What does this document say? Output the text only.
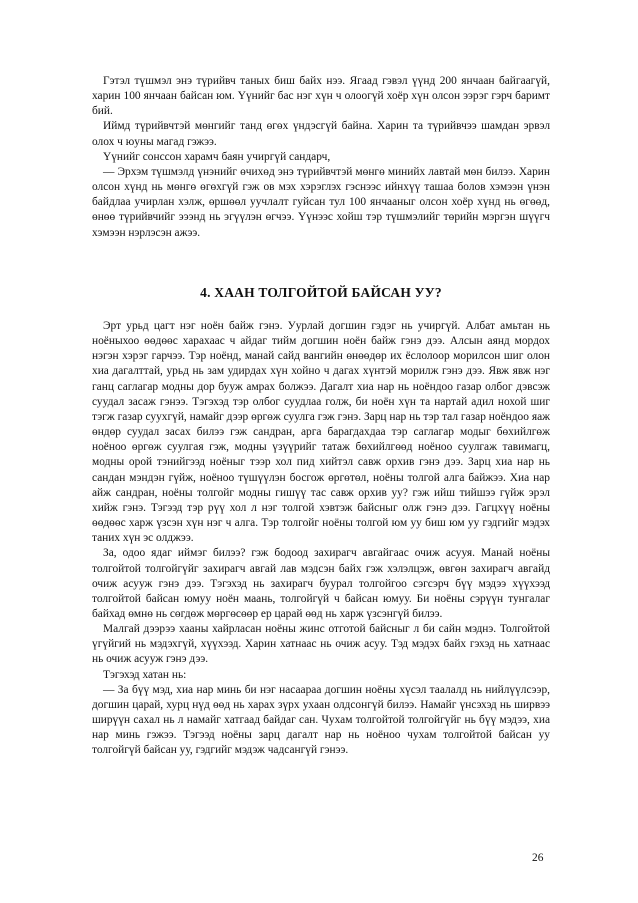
Гэтэл түшмэл энэ түрийвч таных биш байх нээ. Ягаад гэвэл үүнд 200 янчаан байгаагүй, харин 100 янчаан байсан юм. Үүнийг бас нэг хүн ч олоогүй хоёр хүн олсон ээрэг гэрч баримт бий.

Иймд түрийвчтэй мөнгийг танд өгөх үндэсгүй байна. Харин та түрийвчээ шамдан эрвэл олох ч юуны магад гэжээ.

Үүнийг сонссон харамч баян учиргүй сандарч,

— Эрхэм түшмэлд үнэнийг өчихөд энэ түрийвчтэй мөнгө минийх лавтай мөн билээ. Харин олсон хүнд нь мөнгө өгөхгүй гэж ов мэх хэрэглэх гэснээс ийнхүү ташаа болов хэмээн үнэн байдлаа учирлан хэлж, өршөөл уучлалт гуйсан тул 100 янчааныг олсон хоёр хүнд нь өгөөд, өнөө түрийвчийг эээнд нь эгүүлэн өгчээ. Үүнээс хойш тэр түшмэлийг төрийн мэргэн шүүгч хэмээн нэрлэсэн ажээ.

4. ХААН ТОЛГОЙТОЙ БАЙСАН УУ?

Эрт урьд цагт нэг ноён байж гэнэ. Уурлай догшин гэдэг нь учиргүй. Албат амьтан нь ноёныхоо өөдөөс харахаас ч айдаг тийм догшин ноён байж гэнэ дээ. Алсын аянд мордох нэгэн хэрэг гарчээ. Тэр ноёнд, манай сайд вангийн өнөөдөр их ёслолоор морилсон шиг олон хиа дагалттай, урьд нь зам удирдах хүн хойно ч дагах хүнтэй морилж гэнэ дээ. Явж явж нэг ганц саглагар модны дор бууж амрах болжээ. Дагалт хиа нар нь ноёндоо газар олбог дэвсэж суудал засаж гэнээ. Тэгэхэд тэр олбог суудлаа голж, би ноён хүн та нартай адил нохой шиг тэгж газар суухгүй, намайг дээр өргөж суулга гэж гэнэ. Зарц нар нь тэр тал газар ноёндоо яаж өндөр суудал засах билээ гэж сандран, арга барагдахдаа тэр саглагар модыг бөхийлгөж ноёноо өргөж суулгая гэж, модны үзүүрийг татаж бөхийлгөөд ноёноо суулгаж тавимагц, модны орой тэнийгээд ноёныг тээр хол пид хийтэл савж орхив гэнэ дээ. Зарц хиа нар нь сандан мэндэн гүйж, ноёноо түшүүлэн босгож өргөтөл, ноёны толгой алга байжээ. Хиа нар айж сандран, ноёны толгойг модны гишүү тас савж орхив уу? гэж ийш тийшээ гүйж эрэл хийж гэнэ. Тэгээд тэр рүү хол л нэг толгой хэвтэж байсныг олж гэнэ дээ. Гагцхүү ноёны өөдөөс харж үзсэн хүн нэг ч алга. Тэр толгойг ноёны толгой юм уу биш юм уу гэдгийг мэдэх таних хүн эс олджээ.

За, одоо ядаг иймэг билээ? гэж бодоод захирагч авгайгаас очиж асууя. Манай ноёны толгойтой толгойгүйг захирагч авгай лав мэдсэн байх гэж хэлэлцэж, өвгөн захирагч авгайд очиж асууж гэнэ дээ. Тэгэхэд нь захирагч буурал толгойгоо сэгсэрч бүү мэдээ хүүхээд толгойтой байсан юмуу ноён маань, толгойгүй ч байсан юмуу. Би ноёны сэрүүн тунгалаг байхад өмнө нь сөгдөж мөргөсөөр ер царай өөд нь харж үзсэнгүй билээ.

Малгай дээрээ хааны хайрласан ноёны жинс отготой байсныг л би сайн мэднэ. Толгойтой үгүйгий нь мэдэхгүй, хүүхээд. Харин хатнаас нь очиж асуу. Тэд мэдэх байх гэхэд нь хатнаас нь очиж асууж гэнэ дээ.

Тэгэхэд хатан нь:

— За бүү мэд, хиа нар минь би нэг насаараа догшин ноёны хүсэл таалалд нь нийлүүлсээр, догшин царай, хурц нүд өөд нь харах зүрх ухаан олдсонгүй билээ. Намайг үнсэхэд нь ширвээ ширүүн сахал нь л намайг хатгаад байдаг сан. Чухам толгойтой толгойгүйг нь бүү мэдээ, хиа нар минь гэжээ. Тэгээд ноёны зарц дагалт нар нь ноёноо чухам толгойтой байсан уу толгойгүй байсан уу, гэдгийг мэдэж чадсангүй гэнээ.

26
